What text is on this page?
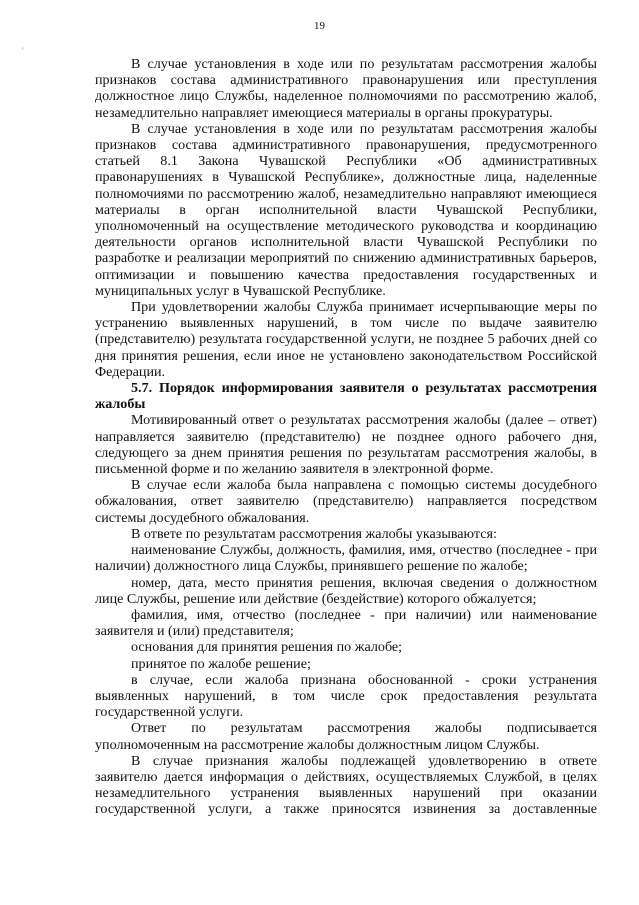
19
'

В случае установления в ходе или по результатам рассмотрения жалобы признаков состава административного правонарушения или преступления должностное лицо Службы, наделенное полномочиями по рассмотрению жалоб, незамедлительно направляет имеющиеся материалы в органы прокуратуры.

В случае установления в ходе или по результатам рассмотрения жалобы признаков состава административного правонарушения, предусмотренного статьей 8.1 Закона Чувашской Республики «Об административных правонарушениях в Чувашской Республике», должностные лица, наделенные полномочиями по рассмотрению жалоб, незамедлительно направляют имеющиеся материалы в орган исполнительной власти Чувашской Республики, уполномоченный на осуществление методического руководства и координацию деятельности органов исполнительной власти Чувашской Республики по разработке и реализации мероприятий по снижению административных барьеров, оптимизации и повышению качества предоставления государственных и муниципальных услуг в Чувашской Республике.

При удовлетворении жалобы Служба принимает исчерпывающие меры по устранению выявленных нарушений, в том числе по выдаче заявителю (представителю) результата государственной услуги, не позднее 5 рабочих дней со дня принятия решения, если иное не установлено законодательством Российской Федерации.

5.7. Порядок информирования заявителя о результатах рассмотрения жалобы

Мотивированный ответ о результатах рассмотрения жалобы (далее – ответ) направляется заявителю (представителю) не позднее одного рабочего дня, следующего за днем принятия решения по результатам рассмотрения жалобы, в письменной форме и по желанию заявителя в электронной форме.

В случае если жалоба была направлена с помощью системы досудебного обжалования, ответ заявителю (представителю) направляется посредством системы досудебного обжалования.

В ответе по результатам рассмотрения жалобы указываются:

наименование Службы, должность, фамилия, имя, отчество (последнее - при наличии) должностного лица Службы, принявшего решение по жалобе;

номер, дата, место принятия решения, включая сведения о должностном лице Службы, решение или действие (бездействие) которого обжалуется;

фамилия, имя, отчество (последнее - при наличии) или наименование заявителя и (или) представителя;

основания для принятия решения по жалобе;

принятое по жалобе решение;

в случае, если жалоба признана обоснованной - сроки устранения выявленных нарушений, в том числе срок предоставления результата государственной услуги.

Ответ по результатам рассмотрения жалобы подписывается уполномоченным на рассмотрение жалобы должностным лицом Службы.

В случае признания жалобы подлежащей удовлетворению в ответе заявителю дается информация о действиях, осуществляемых Службой, в целях незамедлительного устранения выявленных нарушений при оказании государственной услуги, а также приносятся извинения за доставленные
